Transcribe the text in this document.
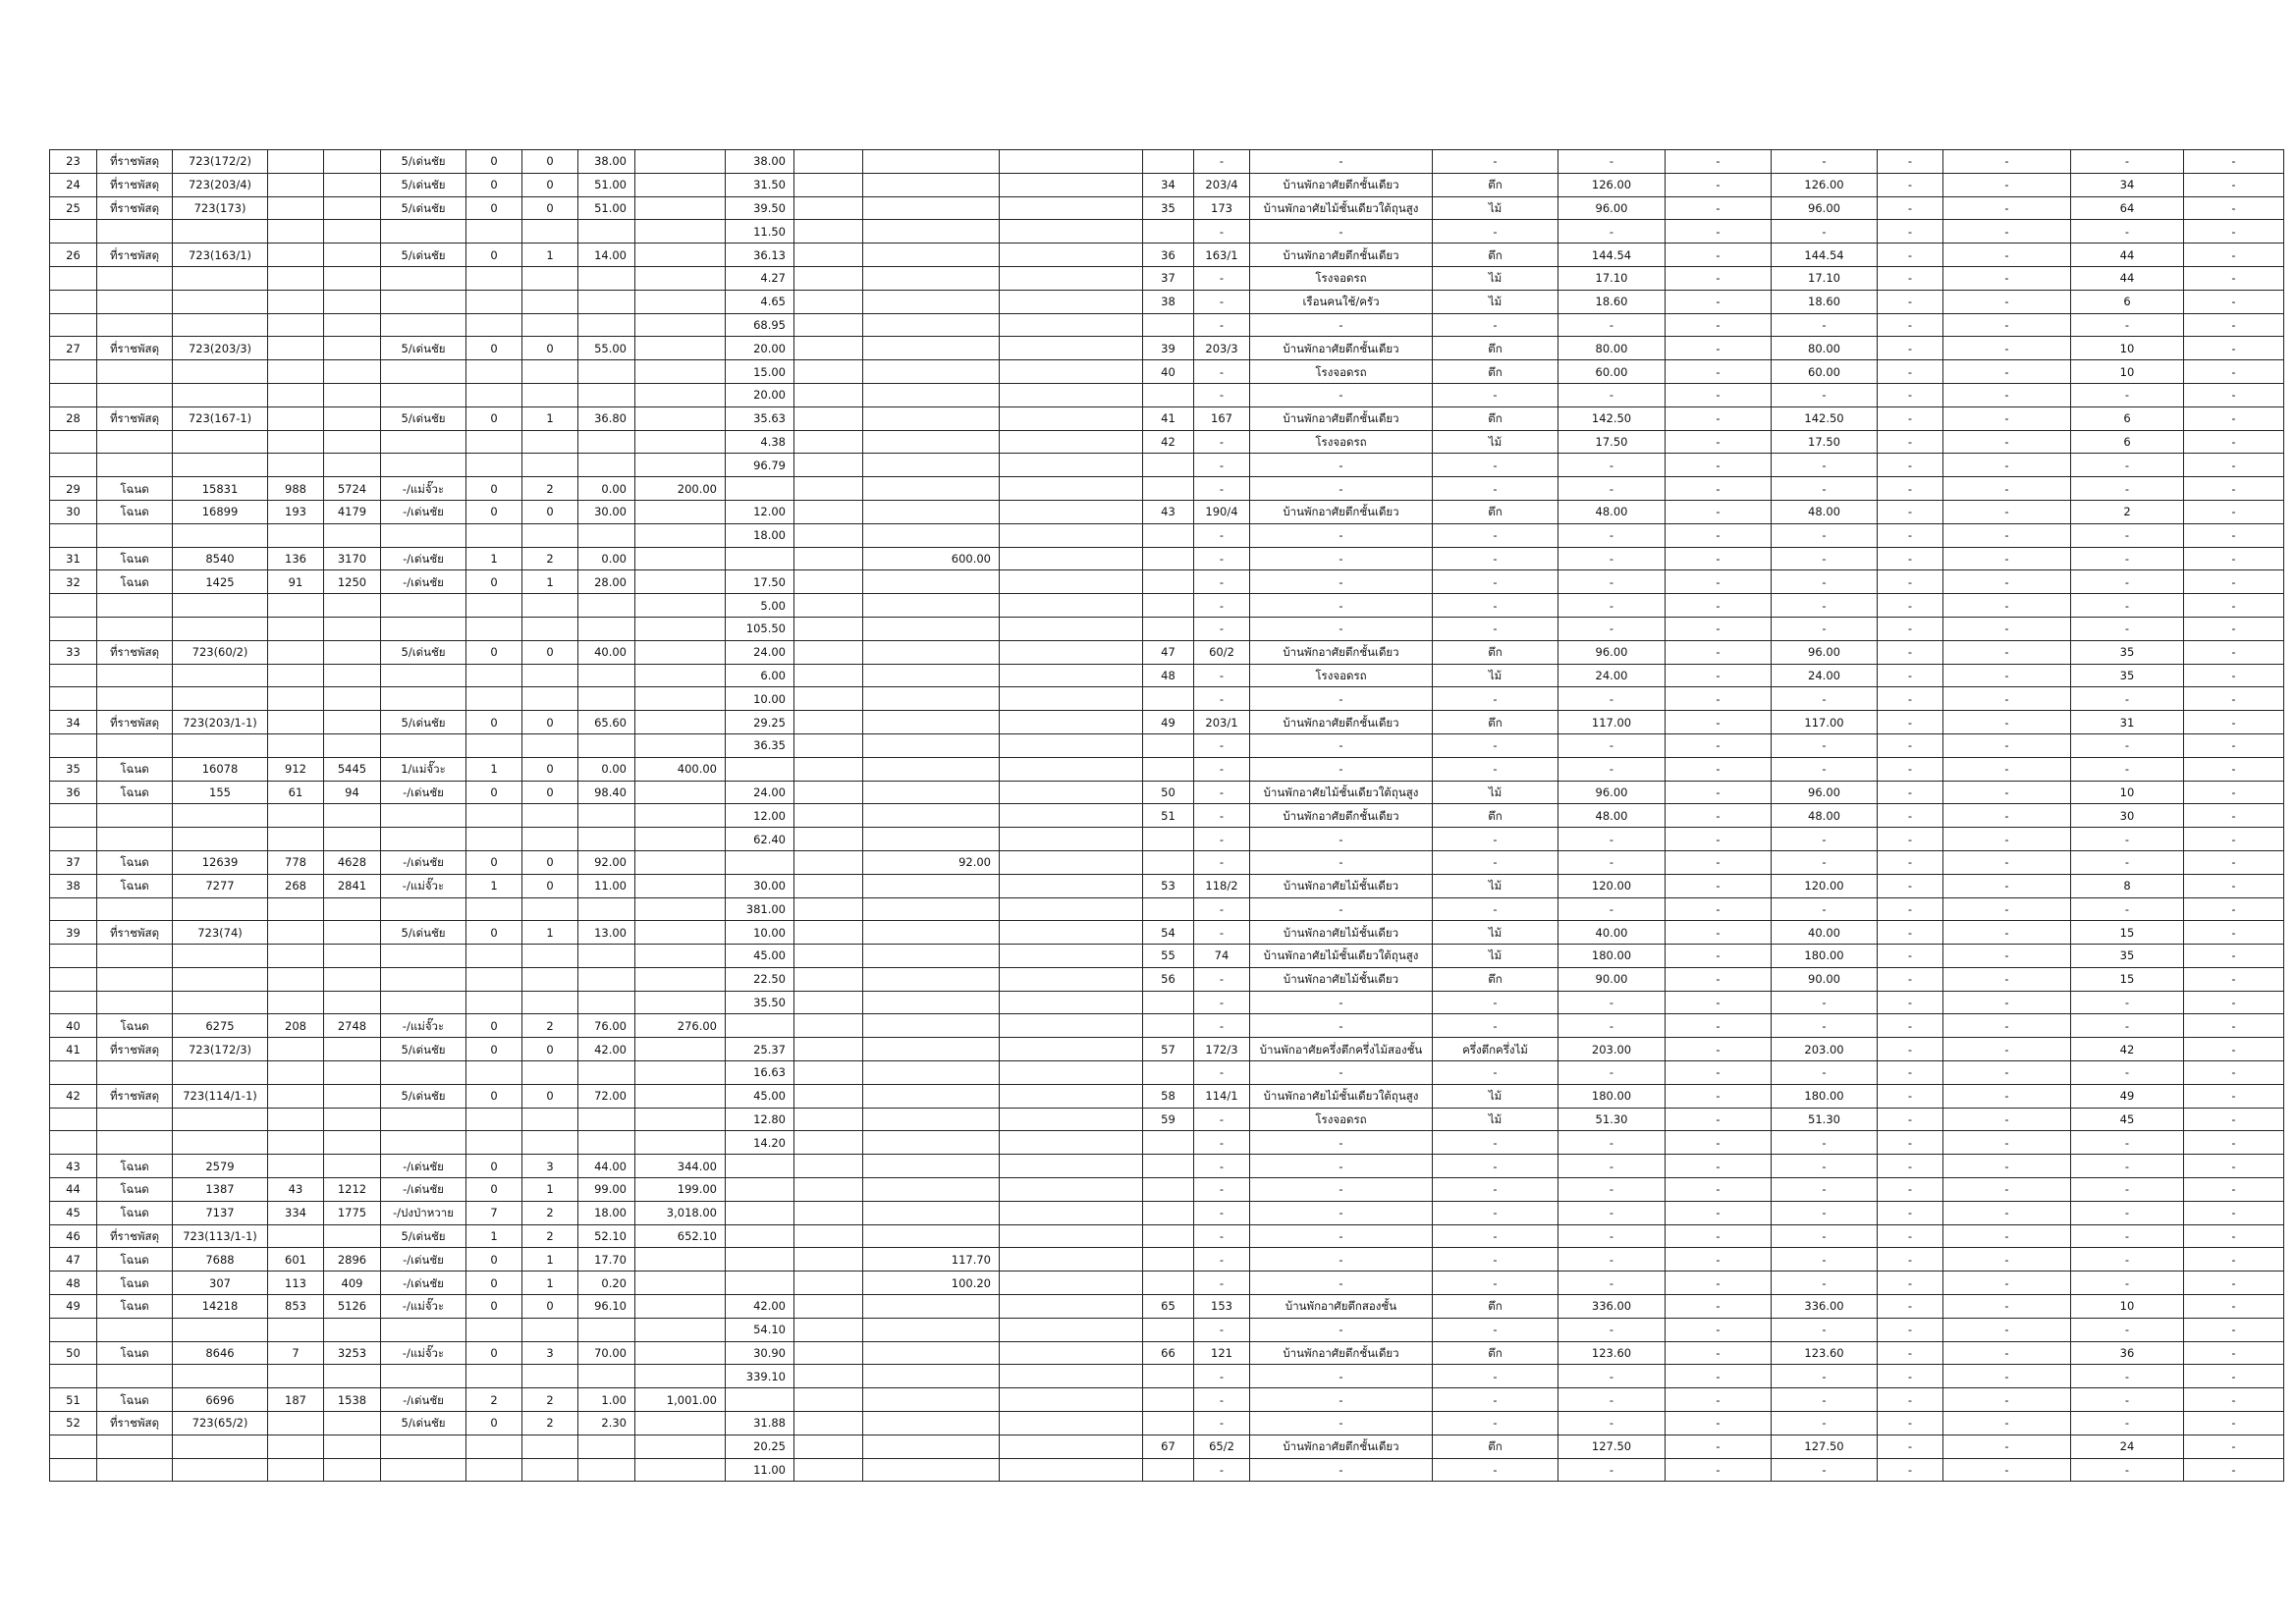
23	ที่ราชพัสดุ	723(172/2)			5/เด่นชัย	0	0	38.00		38.00					-	-	-	-	-	-	-	-	-	-
24	ที่ราชพัสดุ	723(203/4)			5/เด่นชัย	0	0	51.00		31.50				34	203/4	บ้านพักอาศัยตึกชั้นเดียว	ตึก	126.00	-	126.00	-	-	34	-
25	ที่ราชพัสดุ	723(173)			5/เด่นชัย	0	0	51.00		39.50				35	173	บ้านพักอาศัยไม้ชั้นเดียวใต้ถุนสูง	ไม้	96.00	-	96.00	-	-	64	-
										11.50					-	-	-	-	-	-	-	-	-	-
26	ที่ราชพัสดุ	723(163/1)			5/เด่นชัย	0	1	14.00		36.13				36	163/1	บ้านพักอาศัยตึกชั้นเดียว	ตึก	144.54	-	144.54	-	-	44	-
										4.27				37	-	โรงจอดรถ	ไม้	17.10	-	17.10	-	-	44	-
										4.65				38	-	เรือนคนใช้/ครัว	ไม้	18.60	-	18.60	-	-	6	-
										68.95					-	-	-	-	-	-	-	-	-	-
27	ที่ราชพัสดุ	723(203/3)			5/เด่นชัย	0	0	55.00		20.00				39	203/3	บ้านพักอาศัยตึกชั้นเดียว	ตึก	80.00	-	80.00	-	-	10	-
										15.00				40	-	โรงจอดรถ	ตึก	60.00	-	60.00	-	-	10	-
										20.00					-	-	-	-	-	-	-	-	-	-
28	ที่ราชพัสดุ	723(167-1)			5/เด่นชัย	0	1	36.80		35.63				41	167	บ้านพักอาศัยตึกชั้นเดียว	ตึก	142.50	-	142.50	-	-	6	-
										4.38				42	-	โรงจอดรถ	ไม้	17.50	-	17.50	-	-	6	-
										96.79					-	-	-	-	-	-	-	-	-	-
29	โฉนด	15831	988	5724	-/แม่จั๊วะ	0	2	0.00	200.00						-	-	-	-	-	-	-	-	-	-
30	โฉนด	16899	193	4179	-/เด่นชัย	0	0	30.00		12.00				43	190/4	บ้านพักอาศัยตึกชั้นเดียว	ตึก	48.00	-	48.00	-	-	2	-
										18.00					-	-	-	-	-	-	-	-	-	-
31	โฉนด	8540	136	3170	-/เด่นชัย	1	2	0.00				600.00			-	-	-	-	-	-	-	-	-	-
32	โฉนด	1425	91	1250	-/เด่นชัย	0	1	28.00		17.50					-	-	-	-	-	-	-	-	-	-
										5.00					-	-	-	-	-	-	-	-	-	-
										105.50					-	-	-	-	-	-	-	-	-	-
33	ที่ราชพัสดุ	723(60/2)			5/เด่นชัย	0	0	40.00		24.00				47	60/2	บ้านพักอาศัยตึกชั้นเดียว	ตึก	96.00	-	96.00	-	-	35	-
										6.00				48	-	โรงจอดรถ	ไม้	24.00	-	24.00	-	-	35	-
										10.00					-	-	-	-	-	-	-	-	-	-
34	ที่ราชพัสดุ	723(203/1-1)			5/เด่นชัย	0	0	65.60		29.25				49	203/1	บ้านพักอาศัยตึกชั้นเดียว	ตึก	117.00	-	117.00	-	-	31	-
										36.35					-	-	-	-	-	-	-	-	-	-
35	โฉนด	16078	912	5445	1/แม่จั๊วะ	1	0	0.00	400.00						-	-	-	-	-	-	-	-	-	-
36	โฉนด	155	61	94	-/เด่นชัย	0	0	98.40		24.00				50	-	บ้านพักอาศัยไม้ชั้นเดียวใต้ถุนสูง	ไม้	96.00	-	96.00	-	-	10	-
										12.00				51	-	บ้านพักอาศัยตึกชั้นเดียว	ตึก	48.00	-	48.00	-	-	30	-
										62.40					-	-	-	-	-	-	-	-	-	-
37	โฉนด	12639	778	4628	-/เด่นชัย	0	0	92.00				92.00			-	-	-	-	-	-	-	-	-	-
38	โฉนด	7277	268	2841	-/แม่จั๊วะ	1	0	11.00		30.00				53	118/2	บ้านพักอาศัยไม้ชั้นเดียว	ไม้	120.00	-	120.00	-	-	8	-
										381.00					-	-	-	-	-	-	-	-	-	-
39	ที่ราชพัสดุ	723(74)			5/เด่นชัย	0	1	13.00		10.00				54	-	บ้านพักอาศัยไม้ชั้นเดียว	ไม้	40.00	-	40.00	-	-	15	-
										45.00				55	74	บ้านพักอาศัยไม้ชั้นเดียวใต้ถุนสูง	ไม้	180.00	-	180.00	-	-	35	-
										22.50				56	-	บ้านพักอาศัยไม้ชั้นเดียว	ตึก	90.00	-	90.00	-	-	15	-
										35.50					-	-	-	-	-	-	-	-	-	-
40	โฉนด	6275	208	2748	-/แม่จั๊วะ	0	2	76.00	276.00						-	-	-	-	-	-	-	-	-	-
41	ที่ราชพัสดุ	723(172/3)			5/เด่นชัย	0	0	42.00		25.37				57	172/3	บ้านพักอาศัยครึ่งตึกครึ่งไม้สองชั้น	ครึ่งตึกครึ่งไม้	203.00	-	203.00	-	-	42	-
										16.63					-	-	-	-	-	-	-	-	-	-
42	ที่ราชพัสดุ	723(114/1-1)			5/เด่นชัย	0	0	72.00		45.00				58	114/1	บ้านพักอาศัยไม้ชั้นเดียวใต้ถุนสูง	ไม้	180.00	-	180.00	-	-	49	-
										12.80				59	-	โรงจอดรถ	ไม้	51.30	-	51.30	-	-	45	-
										14.20					-	-	-	-	-	-	-	-	-	-
43	โฉนด	2579			-/เด่นชัย	0	3	44.00	344.00						-	-	-	-	-	-	-	-	-	-
44	โฉนด	1387	43	1212	-/เด่นชัย	0	1	99.00	199.00						-	-	-	-	-	-	-	-	-	-
45	โฉนด	7137	334	1775	-/ปงป่าหวาย	7	2	18.00	3,018.00						-	-	-	-	-	-	-	-	-	-
46	ที่ราชพัสดุ	723(113/1-1)			5/เด่นชัย	1	2	52.10	652.10						-	-	-	-	-	-	-	-	-	-
47	โฉนด	7688	601	2896	-/เด่นชัย	0	1	17.70				117.70			-	-	-	-	-	-	-	-	-	-
48	โฉนด	307	113	409	-/เด่นชัย	0	1	0.20				100.20			-	-	-	-	-	-	-	-	-	-
49	โฉนด	14218	853	5126	-/แม่จั๊วะ	0	0	96.10		42.00				65	153	บ้านพักอาศัยตึกสองชั้น	ตึก	336.00	-	336.00	-	-	10	-
										54.10					-	-	-	-	-	-	-	-	-	-
50	โฉนด	8646	7	3253	-/แม่จั๊วะ	0	3	70.00		30.90				66	121	บ้านพักอาศัยตึกชั้นเดียว	ตึก	123.60	-	123.60	-	-	36	-
										339.10					-	-	-	-	-	-	-	-	-	-
51	โฉนด	6696	187	1538	-/เด่นชัย	2	2	1.00	1,001.00						-	-	-	-	-	-	-	-	-	-
52	ที่ราชพัสดุ	723(65/2)			5/เด่นชัย	0	2	2.30		31.88					-	-	-	-	-	-	-	-	-	-
										20.25				67	65/2	บ้านพักอาศัยตึกชั้นเดียว	ตึก	127.50	-	127.50	-	-	24	-
										11.00					-	-	-	-	-	-	-	-	-	-
